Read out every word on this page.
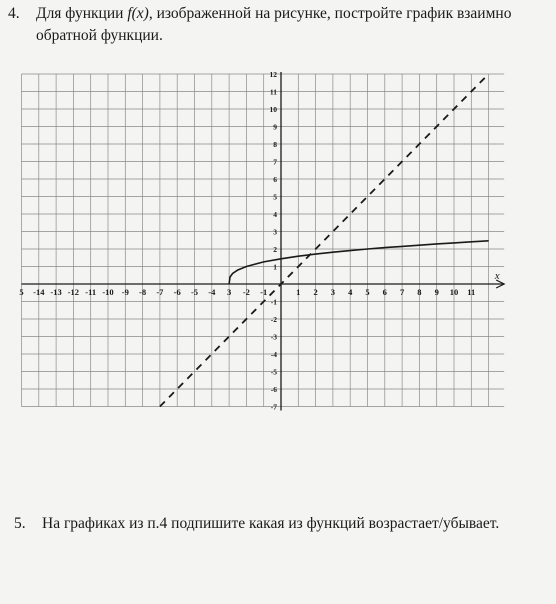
4. Для функции f(x), изображенной на рисунке, постройте график взаимно
обратной функции.
x
5 -14 -13 -12 -11 -10 -9 -8 -7 -6 -5 -4 3 -2 -1	1 2 3 4 5 6 7 8 9 10 11
12
11
10
9
8
7
6
5
4
3
2
1
-1
-2
-3
-4
-5
-6
-7
5. На графиках из п.4 подпишите какая из функций возрастает/убывает.
